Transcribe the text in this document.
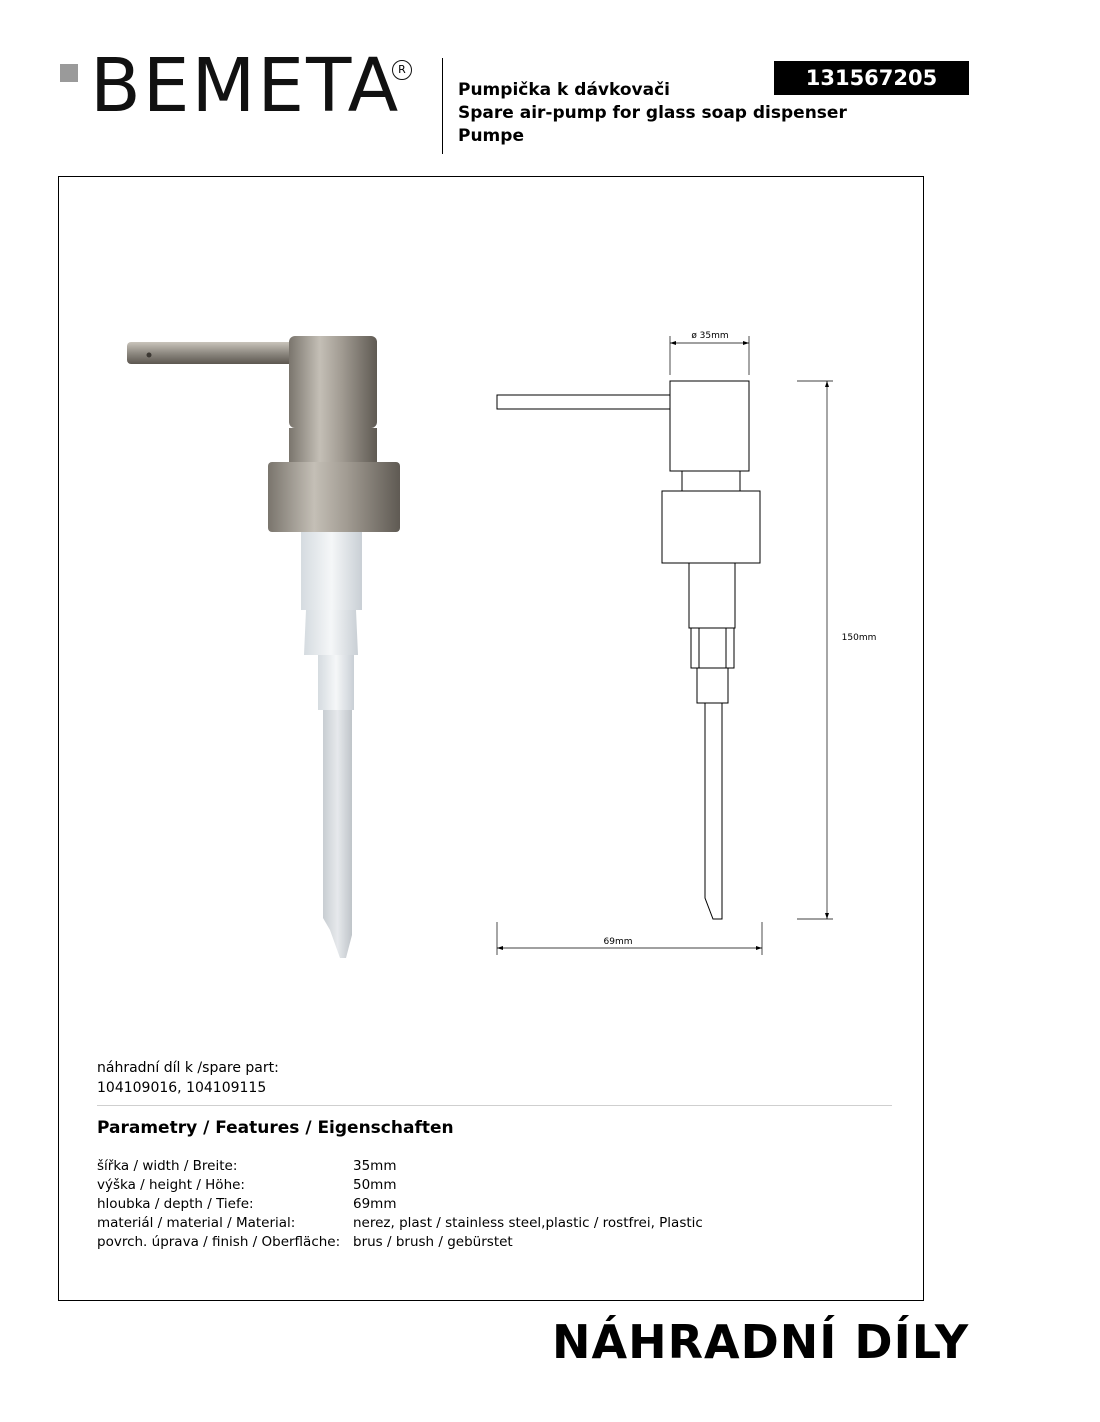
BEMETA
R
Pumpička k dávkovači
Spare air-pump for glass soap dispenser
Pumpe
131567205
ø 35mm
150mm
69mm
náhradní díl k /spare part:
104109016, 104109115
Parametry / Features / Eigenschaften
šířka / width / Breite:	35mm
výška / height / Höhe:	50mm
hloubka / depth / Tiefe:	69mm
materiál / material / Material:	nerez, plast / stainless steel,plastic / rostfrei, Plastic
povrch. úprava / finish / Oberfläche: brus / brush / gebürstet
NÁHRADNÍ DÍLY
